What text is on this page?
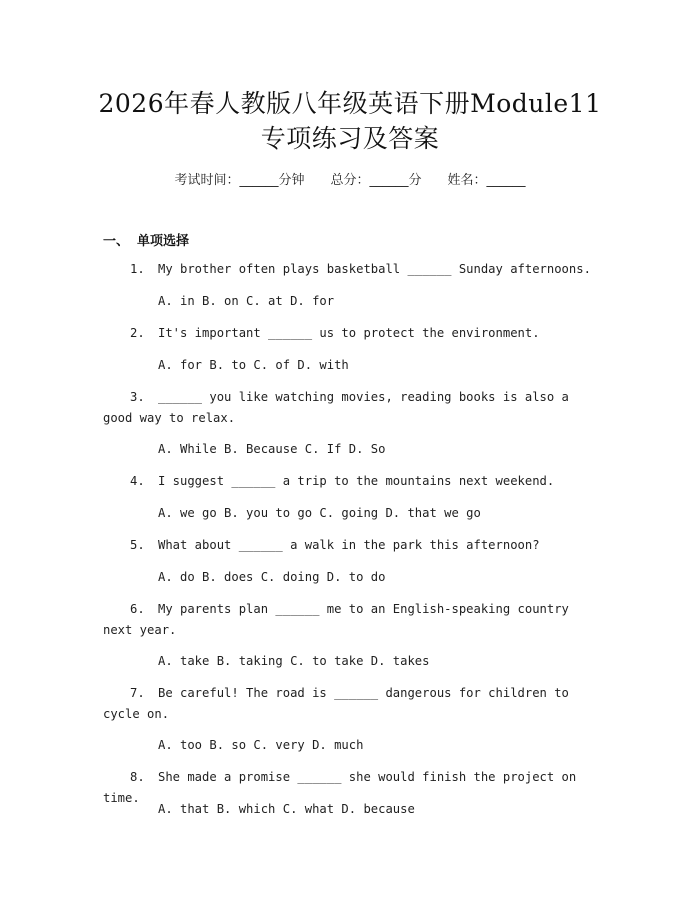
2026年春人教版八年级英语下册Module11
专项练习及答案
考试时间：______分钟 总分：______分 姓名：______
一、 单项选择
1. My brother often plays basketball ______ Sunday afternoons.
A. in B. on C. at D. for
2. It's important ______ us to protect the environment.
A. for B. to C. of D. with
3. ______ you like watching movies, reading books is also a good way to relax.
A. While B. Because C. If D. So
4. I suggest ______ a trip to the mountains next weekend.
A. we go B. you to go C. going D. that we go
5. What about ______ a walk in the park this afternoon?
A. do B. does C. doing D. to do
6. My parents plan ______ me to an English-speaking country next year.
A. take B. taking C. to take D. takes
7. Be careful! The road is ______ dangerous for children to cycle on.
A. too B. so C. very D. much
8. She made a promise ______ she would finish the project on time.
A. that B. which C. what D. because
